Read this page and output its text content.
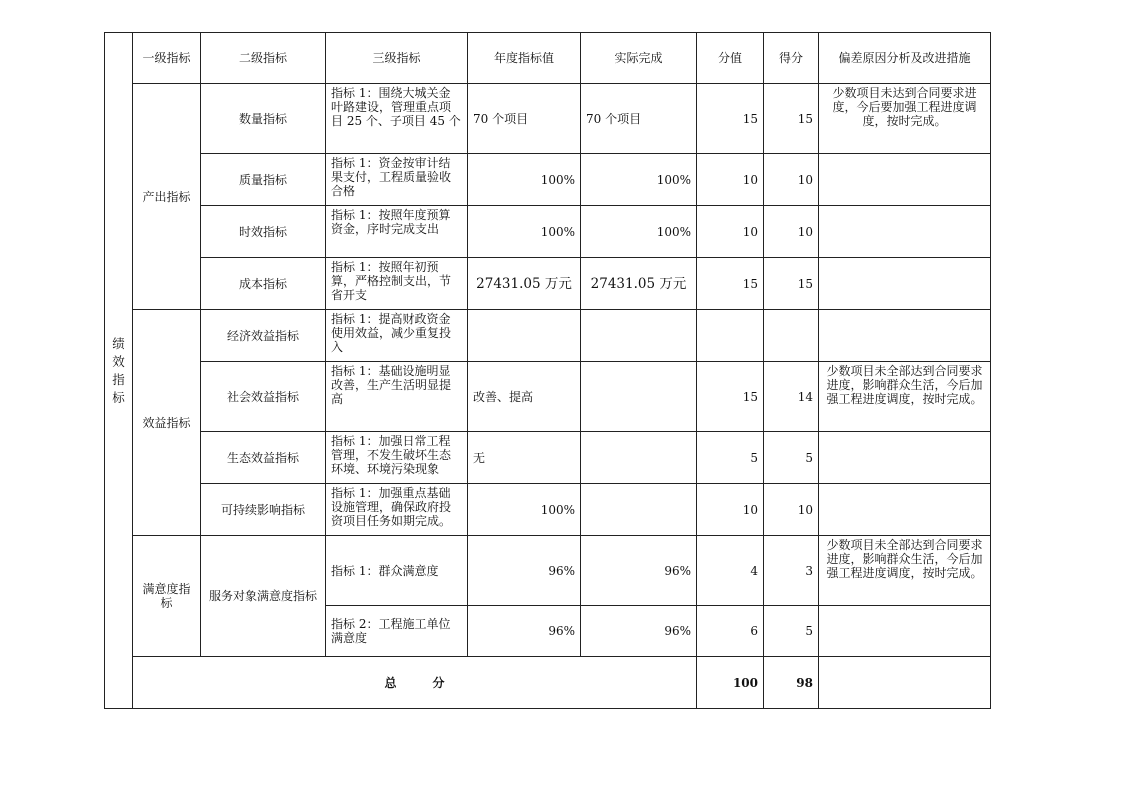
绩
效
指
标	一级指标	二级指标	三级指标	年度指标值	实际完成	分值	得分	偏差原因分析及改进措施
	产出指标	数量指标	指标 1：围绕大城关金叶路建设，管理重点项目 25 个、子项目 45 个	70 个项目	70 个项目	15	15	少数项目未达到合同要求进度，今后要加强工程进度调度，按时完成。
		质量指标	指标 1：资金按审计结果支付，工程质量验收合格	100%	100%	10	10	
		时效指标	指标 1：按照年度预算资金，序时完成支出	100%	100%	10	10	
		成本指标	指标 1：按照年初预算，严格控制支出，节省开支	27431.05 万元	27431.05 万元	15	15	
	效益指标	经济效益指标	指标 1：提高财政资金使用效益，减少重复投入					
		社会效益指标	指标 1：基础设施明显改善，生产生活明显提高	改善、提高		15	14	少数项目未全部达到合同要求进度，影响群众生活，今后加强工程进度调度，按时完成。
		生态效益指标	指标 1：加强日常工程管理，不发生破坏生态环境、环境污染现象	无		5	5	
		可持续影响指标	指标 1：加强重点基础设施管理，确保政府投资项目任务如期完成。	100%		10	10	
	满意度指标	服务对象满意度指标	指标 1：群众满意度	96%	96%	4	3	少数项目未全部达到合同要求进度，影响群众生活，今后加强工程进度调度，按时完成。
			指标 2：工程施工单位满意度	96%	96%	6	5	
	总　　　分					100	98	
